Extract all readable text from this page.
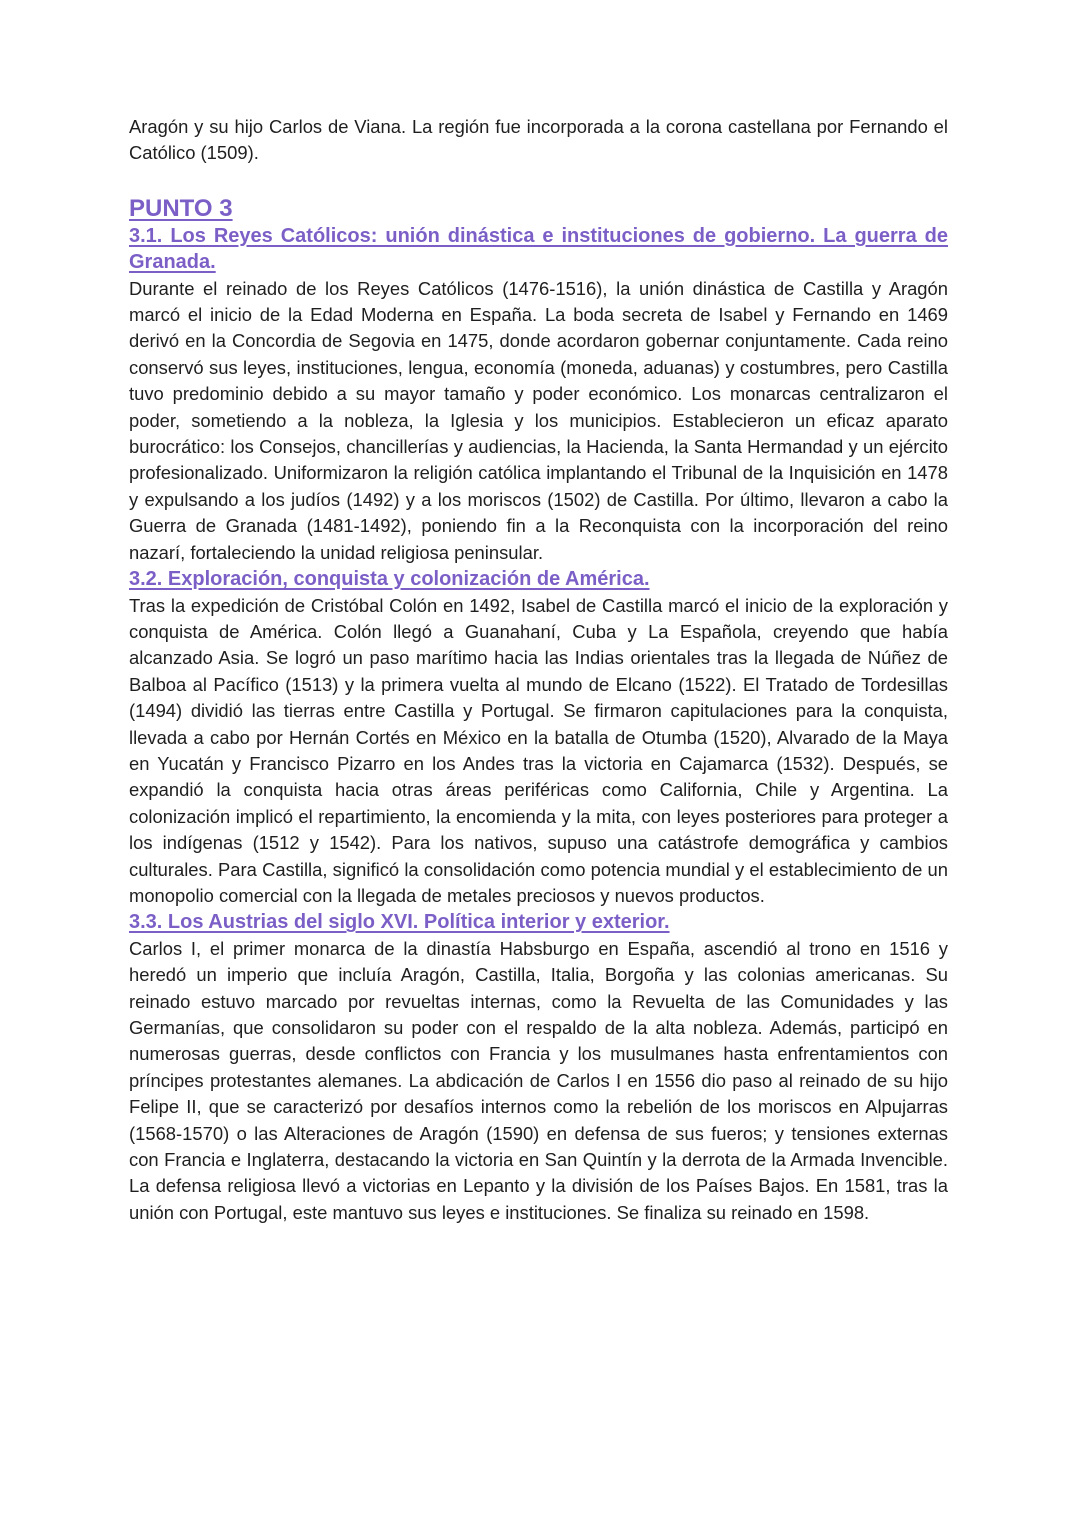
Aragón y su hijo Carlos de Viana. La región fue incorporada a la corona castellana por Fernando el Católico (1509).

PUNTO 3
3.1. Los Reyes Católicos: unión dinástica e instituciones de gobierno. La guerra de Granada.

Durante el reinado de los Reyes Católicos (1476-1516), la unión dinástica de Castilla y Aragón marcó el inicio de la Edad Moderna en España. La boda secreta de Isabel y Fernando en 1469 derivó en la Concordia de Segovia en 1475, donde acordaron gobernar conjuntamente. Cada reino conservó sus leyes, instituciones, lengua, economía (moneda, aduanas) y costumbres, pero Castilla tuvo predominio debido a su mayor tamaño y poder económico. Los monarcas centralizaron el poder, sometiendo a la nobleza, la Iglesia y los municipios. Establecieron un eficaz aparato burocrático: los Consejos, chancillerías y audiencias, la Hacienda, la Santa Hermandad y un ejército profesionalizado. Uniformizaron la religión católica implantando el Tribunal de la Inquisición en 1478 y expulsando a los judíos (1492) y a los moriscos (1502) de Castilla. Por último, llevaron a cabo la Guerra de Granada (1481-1492), poniendo fin a la Reconquista con la incorporación del reino nazarí, fortaleciendo la unidad religiosa peninsular.

3.2. Exploración, conquista y colonización de América.

Tras la expedición de Cristóbal Colón en 1492, Isabel de Castilla marcó el inicio de la exploración y conquista de América. Colón llegó a Guanahaní, Cuba y La Española, creyendo que había alcanzado Asia. Se logró un paso marítimo hacia las Indias orientales tras la llegada de Núñez de Balboa al Pacífico (1513) y la primera vuelta al mundo de Elcano (1522). El Tratado de Tordesillas (1494) dividió las tierras entre Castilla y Portugal. Se firmaron capitulaciones para la conquista, llevada a cabo por Hernán Cortés en México en la batalla de Otumba (1520), Alvarado de la Maya en Yucatán y Francisco Pizarro en los Andes tras la victoria en Cajamarca (1532). Después, se expandió la conquista hacia otras áreas periféricas como California, Chile y Argentina. La colonización implicó el repartimiento, la encomienda y la mita, con leyes posteriores para proteger a los indígenas (1512 y 1542). Para los nativos, supuso una catástrofe demográfica y cambios culturales. Para Castilla, significó la consolidación como potencia mundial y el establecimiento de un monopolio comercial con la llegada de metales preciosos y nuevos productos.

3.3. Los Austrias del siglo XVI. Política interior y exterior.

Carlos I, el primer monarca de la dinastía Habsburgo en España, ascendió al trono en 1516 y heredó un imperio que incluía Aragón, Castilla, Italia, Borgoña y las colonias americanas. Su reinado estuvo marcado por revueltas internas, como la Revuelta de las Comunidades y las Germanías, que consolidaron su poder con el respaldo de la alta nobleza. Además, participó en numerosas guerras, desde conflictos con Francia y los musulmanes hasta enfrentamientos con príncipes protestantes alemanes. La abdicación de Carlos I en 1556 dio paso al reinado de su hijo Felipe II, que se caracterizó por desafíos internos como la rebelión de los moriscos en Alpujarras (1568-1570) o las Alteraciones de Aragón (1590) en defensa de sus fueros; y tensiones externas con Francia e Inglaterra, destacando la victoria en San Quintín y la derrota de la Armada Invencible. La defensa religiosa llevó a victorias en Lepanto y la división de los Países Bajos. En 1581, tras la unión con Portugal, este mantuvo sus leyes e instituciones. Se finaliza su reinado en 1598.
